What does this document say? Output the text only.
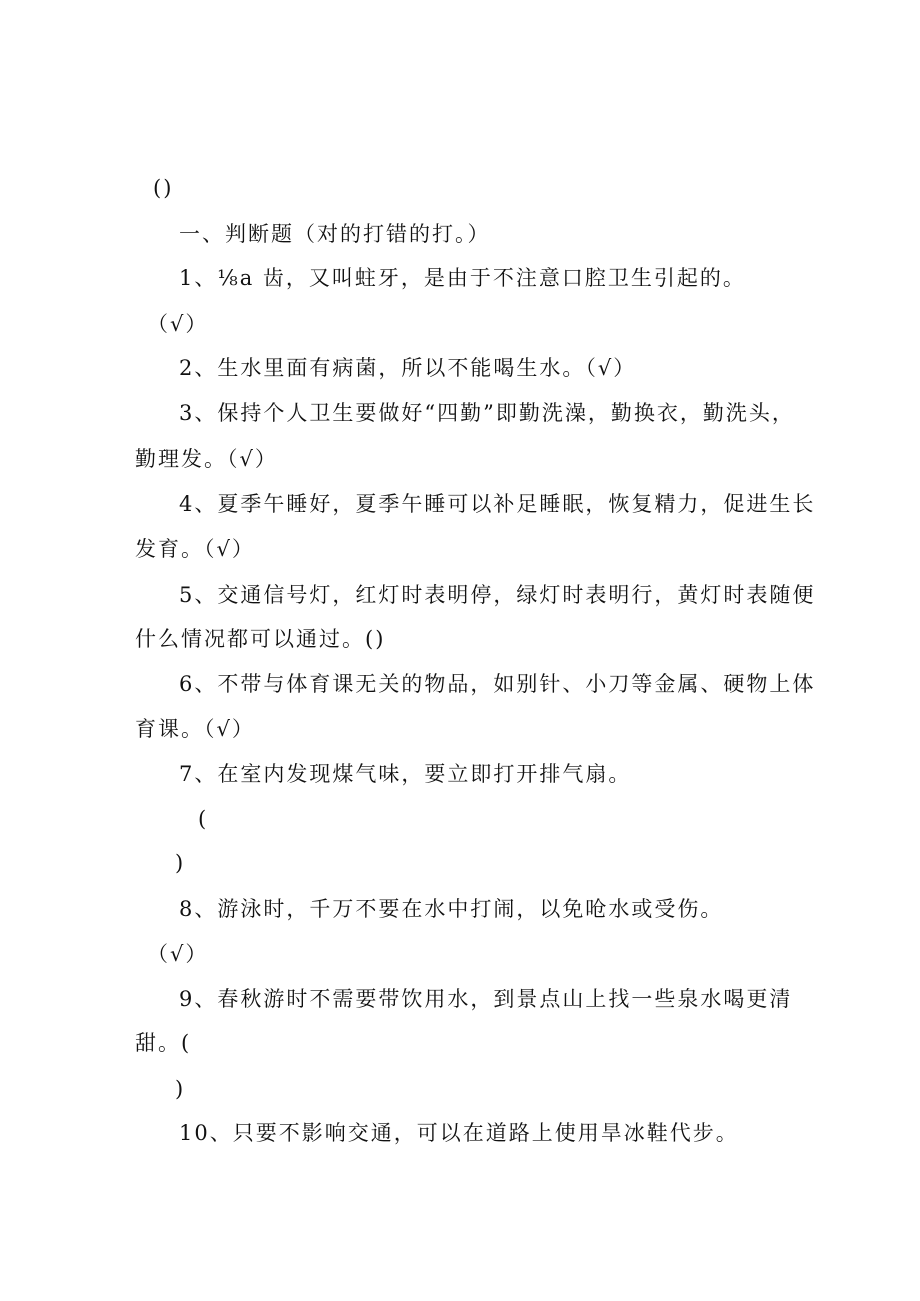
()
一、判断题（对的打错的打。）
1、⅛a 齿，又叫蛀牙，是由于不注意口腔卫生引起的。
（√）
2、生水里面有病菌，所以不能喝生水。（√）
3、保持个人卫生要做好“四勤”即勤洗澡，勤换衣，勤洗头，
勤理发。（√）
4、夏季午睡好，夏季午睡可以补足睡眠，恢复精力，促进生长
发育。（√）
5、交通信号灯，红灯时表明停，绿灯时表明行，黄灯时表随便
什么情况都可以通过。()
6、不带与体育课无关的物品，如别针、小刀等金属、硬物上体
育课。（√）
7、在室内发现煤气味，要立即打开排气扇。
(
)
8、游泳时，千万不要在水中打闹，以免呛水或受伤。
（√）
9、春秋游时不需要带饮用水，到景点山上找一些泉水喝更清
甜。(
)
10、只要不影响交通，可以在道路上使用旱冰鞋代步。
